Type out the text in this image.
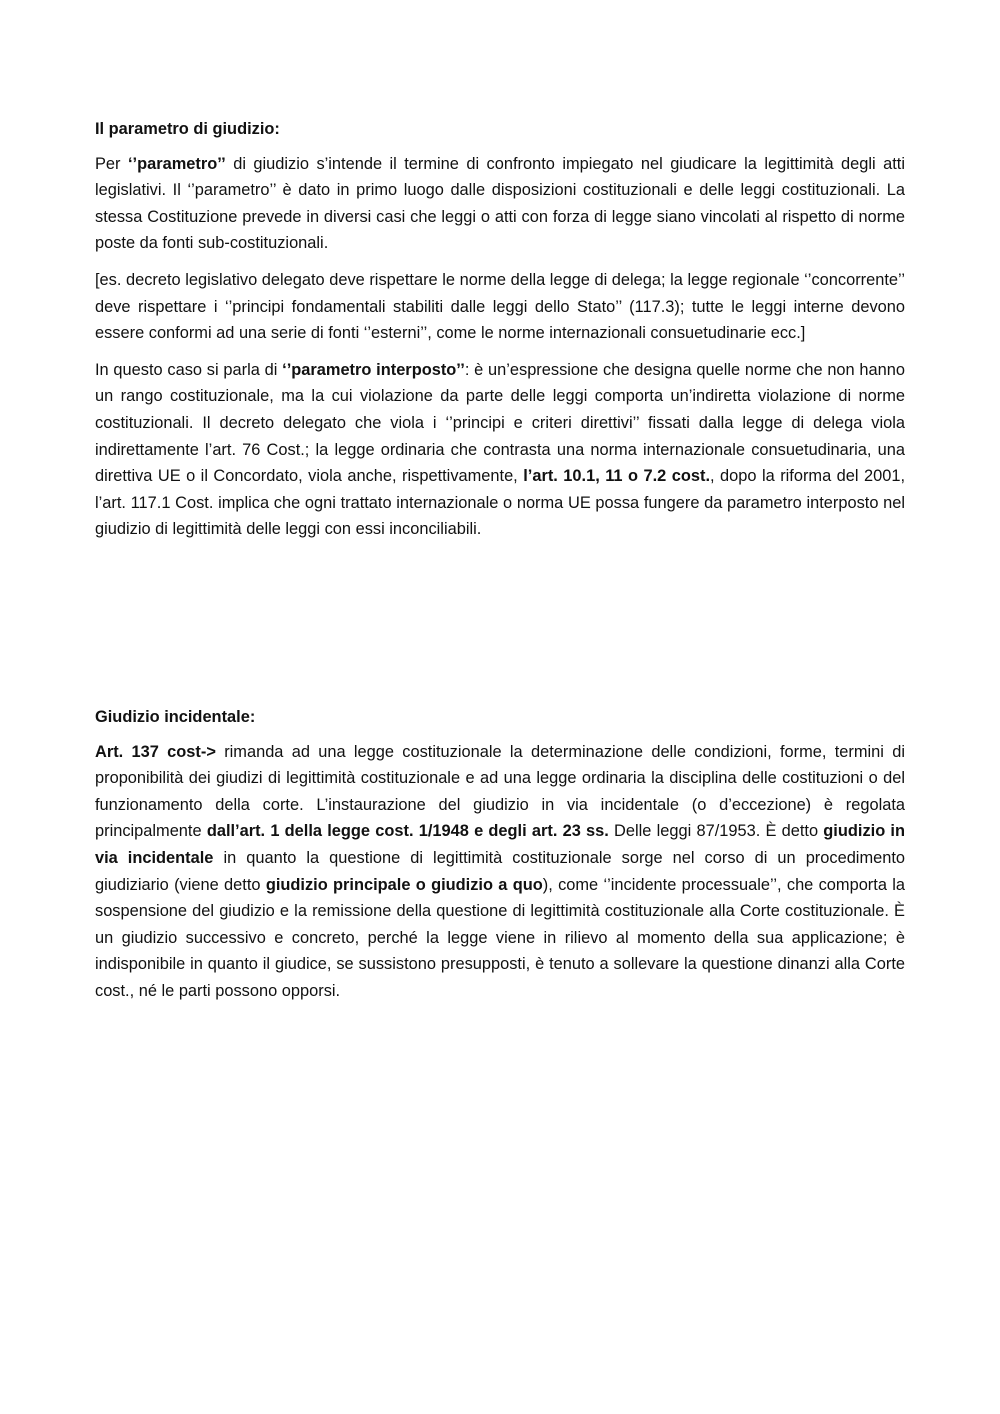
Il parametro di giudizio:

Per ‘’parametro’’ di giudizio s’intende il termine di confronto impiegato nel giudicare la legittimità degli atti legislativi. Il ‘’parametro’’ è dato in primo luogo dalle disposizioni costituzionali e delle leggi costituzionali. La stessa Costituzione prevede in diversi casi che leggi o atti con forza di legge siano vincolati al rispetto di norme poste da fonti sub-costituzionali.

[es. decreto legislativo delegato deve rispettare le norme della legge di delega; la legge regionale ‘’concorrente’’ deve rispettare i ‘’principi fondamentali stabiliti dalle leggi dello Stato’’ (117.3); tutte le leggi interne devono essere conformi ad una serie di fonti ‘’esterni’’, come le norme internazionali consuetudinarie ecc.]

In questo caso si parla di ‘’parametro interposto’’: è un’espressione che designa quelle norme che non hanno un rango costituzionale, ma la cui violazione da parte delle leggi comporta un’indiretta violazione di norme costituzionali. Il decreto delegato che viola i ‘’principi e criteri direttivi’’ fissati dalla legge di delega viola indirettamente l’art. 76 Cost.; la legge ordinaria che contrasta una norma internazionale consuetudinaria, una direttiva UE o il Concordato, viola anche, rispettivamente, l’art. 10.1, 11 o 7.2 cost., dopo la riforma del 2001, l’art. 117.1 Cost. implica che ogni trattato internazionale o norma UE possa fungere da parametro interposto nel giudizio di legittimità delle leggi con essi inconciliabili.

Giudizio incidentale:

Art. 137 cost-> rimanda ad una legge costituzionale la determinazione delle condizioni, forme, termini di proponibilità dei giudizi di legittimità costituzionale e ad una legge ordinaria la disciplina delle costituzioni o del funzionamento della corte. L’instaurazione del giudizio in via incidentale (o d’eccezione) è regolata principalmente dall’art. 1 della legge cost. 1/1948 e degli art. 23 ss. Delle leggi 87/1953. È detto giudizio in via incidentale in quanto la questione di legittimità costituzionale sorge nel corso di un procedimento giudiziario (viene detto giudizio principale o giudizio a quo), come ‘’incidente processuale’’, che comporta la sospensione del giudizio e la remissione della questione di legittimità costituzionale alla Corte costituzionale. È un giudizio successivo e concreto, perché la legge viene in rilievo al momento della sua applicazione; è indisponibile in quanto il giudice, se sussistono presupposti, è tenuto a sollevare la questione dinanzi alla Corte cost., né le parti possono opporsi.
